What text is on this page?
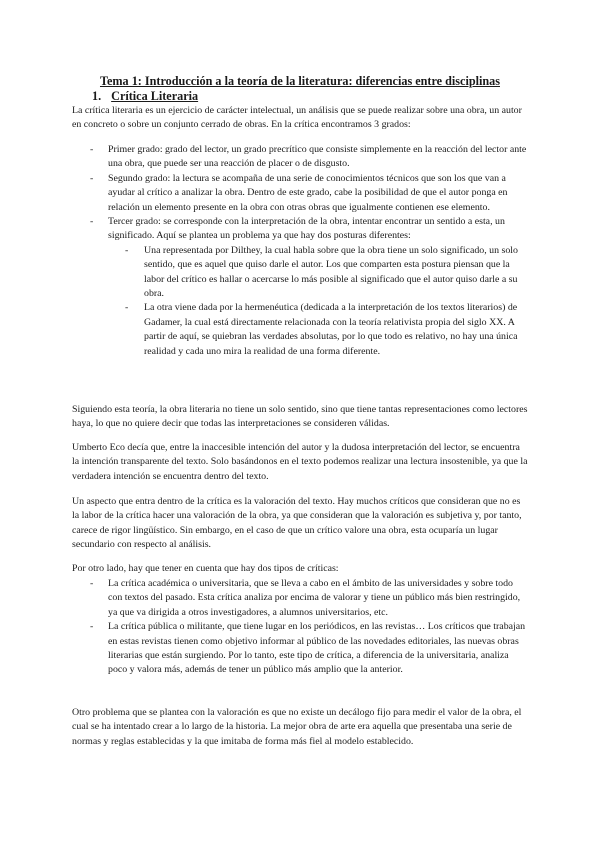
Tema 1: Introducción a la teoría de la literatura: diferencias entre disciplinas
1. Crítica Literaria
La crítica literaria es un ejercicio de carácter intelectual, un análisis que se puede realizar sobre una obra, un autor en concreto o sobre un conjunto cerrado de obras. En la crítica encontramos 3 grados:
- Primer grado: grado del lector, un grado precrítico que consiste simplemente en la reacción del lector ante una obra, que puede ser una reacción de placer o de disgusto.
- Segundo grado: la lectura se acompaña de una serie de conocimientos técnicos que son los que van a ayudar al crítico a analizar la obra. Dentro de este grado, cabe la posibilidad de que el autor ponga en relación un elemento presente en la obra con otras obras que igualmente contienen ese elemento.
- Tercer grado: se corresponde con la interpretación de la obra, intentar encontrar un sentido a esta, un significado. Aquí se plantea un problema ya que hay dos posturas diferentes:
- Una representada por Dilthey, la cual habla sobre que la obra tiene un solo significado, un solo sentido, que es aquel que quiso darle el autor. Los que comparten esta postura piensan que la labor del crítico es hallar o acercarse lo más posible al significado que el autor quiso darle a su obra.
- La otra viene dada por la hermenéutica (dedicada a la interpretación de los textos literarios) de Gadamer, la cual está directamente relacionada con la teoría relativista propia del siglo XX. A partir de aquí, se quiebran las verdades absolutas, por lo que todo es relativo, no hay una única realidad y cada uno mira la realidad de una forma diferente.
Siguiendo esta teoría, la obra literaria no tiene un solo sentido, sino que tiene tantas representaciones como lectores haya, lo que no quiere decir que todas las interpretaciones se consideren válidas.
Umberto Eco decía que, entre la inaccesible intención del autor y la dudosa interpretación del lector, se encuentra la intención transparente del texto. Solo basándonos en el texto podemos realizar una lectura insostenible, ya que la verdadera intención se encuentra dentro del texto.
Un aspecto que entra dentro de la crítica es la valoración del texto. Hay muchos críticos que consideran que no es la labor de la crítica hacer una valoración de la obra, ya que consideran que la valoración es subjetiva y, por tanto, carece de rigor lingüístico. Sin embargo, en el caso de que un crítico valore una obra, esta ocuparía un lugar secundario con respecto al análisis.
Por otro lado, hay que tener en cuenta que hay dos tipos de críticas:
- La crítica académica o universitaria, que se lleva a cabo en el ámbito de las universidades y sobre todo con textos del pasado. Esta crítica analiza por encima de valorar y tiene un público más bien restringido, ya que va dirigida a otros investigadores, a alumnos universitarios, etc.
- La crítica pública o militante, que tiene lugar en los periódicos, en las revistas… Los críticos que trabajan en estas revistas tienen como objetivo informar al público de las novedades editoriales, las nuevas obras literarias que están surgiendo. Por lo tanto, este tipo de crítica, a diferencia de la universitaria, analiza poco y valora más, además de tener un público más amplio que la anterior.
Otro problema que se plantea con la valoración es que no existe un decálogo fijo para medir el valor de la obra, el cual se ha intentado crear a lo largo de la historia. La mejor obra de arte era aquella que presentaba una serie de normas y reglas establecidas y la que imitaba de forma más fiel al modelo establecido.
